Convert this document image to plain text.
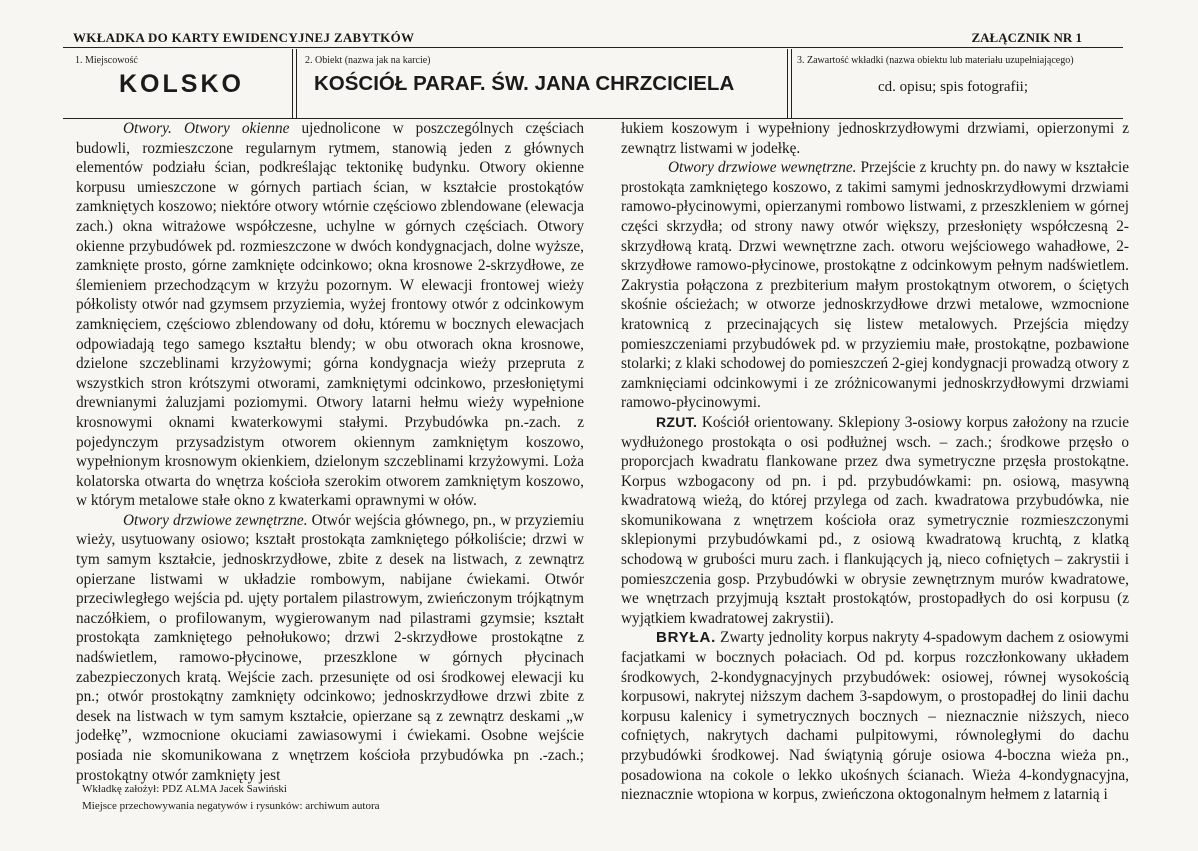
WKŁADKA DO KARTY EWIDENCYJNEJ ZABYTKÓW	ZAŁĄCZNIK NR 1
1. Miejscowość	2. Obiekt (nazwa jak na karcie)	3. Zawartość wkładki (nazwa obiektu lub materiału uzupełniającego)
KOLSKO	KOŚCIÓŁ PARAF. ŚW. JANA CHRZCICIELA	cd. opisu; spis fotografii;

Otwory. Otwory okienne ujednolicone w poszczególnych częściach budowli, rozmieszczone regularnym rytmem, stanowią jeden z głównych elementów podziału ścian, podkreślając tektonikę budynku. Otwory okienne korpusu umieszczone w górnych partiach ścian, w kształcie prostokątów zamkniętych koszowo; niektóre otwory wtórnie częściowo zblendowane (elewacja zach.) okna witrażowe współczesne, uchylne w górnych częściach. Otwory okienne przybudówek pd. rozmieszczone w dwóch kondygnacjach, dolne wyższe, zamknięte prosto, górne zamknięte odcinkowo; okna krosnowe 2-skrzydłowe, ze ślemieniem przechodzącym w krzyżu pozornym. W elewacji frontowej wieży półkolisty otwór nad gzymsem przyziemia, wyżej frontowy otwór z odcinkowym zamknięciem, częściowo zblendowany od dołu, któremu w bocznych elewacjach odpowiadają tego samego kształtu blendy; w obu otworach okna krosnowe, dzielone szczeblinami krzyżowymi; górna kondygnacja wieży przepruta z wszystkich stron krótszymi otworami, zamkniętymi odcinkowo, przesłoniętymi drewnianymi żaluzjami poziomymi. Otwory latarni hełmu wieży wypełnione krosnowymi oknami kwaterkowymi stałymi. Przybudówka pn.-zach. z pojedynczym przysadzistym otworem okiennym zamkniętym koszowo, wypełnionym krosnowym okienkiem, dzielonym szczeblinami krzyżowymi. Loża kolatorska otwarta do wnętrza kościoła szerokim otworem zamkniętym koszowo, w którym metalowe stałe okno z kwaterkami oprawnymi w ołów.

Otwory drzwiowe zewnętrzne. Otwór wejścia głównego, pn., w przyziemiu wieży, usytuowany osiowo; kształt prostokąta zamkniętego półkoliście; drzwi w tym samym kształcie, jednoskrzydłowe, zbite z desek na listwach, z zewnątrz opierzane listwami w układzie rombowym, nabijane ćwiekami. Otwór przeciwległego wejścia pd. ujęty portalem pilastrowym, zwieńczonym trójkątnym naczółkiem, o profilowanym, wygierowanym nad pilastrami gzymsie; kształt prostokąta zamkniętego pełnołukowo; drzwi 2-skrzydłowe prostokątne z nadświetlem, ramowo-płycinowe, przeszklone w górnych płycinach zabezpieczonych kratą. Wejście zach. przesunięte od osi środkowej elewacji ku pn.; otwór prostokątny zamknięty odcinkowo; jednoskrzydłowe drzwi zbite z desek na listwach w tym samym kształcie, opierzane są z zewnątrz deskami „w jodełkę”, wzmocnione okuciami zawiasowymi i ćwiekami. Osobne wejście posiada nie skomunikowana z wnętrzem kościoła przybudówka pn .-zach.; prostokątny otwór zamknięty jest

łukiem koszowym i wypełniony jednoskrzydłowymi drzwiami, opierzonymi z zewnątrz listwami w jodełkę.

Otwory drzwiowe wewnętrzne. Przejście z kruchty pn. do nawy w kształcie prostokąta zamkniętego koszowo, z takimi samymi jednoskrzydłowymi drzwiami ramowo-płycinowymi, opierzanymi rombowo listwami, z przeszkleniem w górnej części skrzydła; od strony nawy otwór większy, przesłonięty współczesną 2-skrzydłową kratą. Drzwi wewnętrzne zach. otworu wejściowego wahadłowe, 2-skrzydłowe ramowo-płycinowe, prostokątne z odcinkowym pełnym nadświetlem. Zakrystia połączona z prezbiterium małym prostokątnym otworem, o ściętych skośnie ościeżach; w otworze jednoskrzydłowe drzwi metalowe, wzmocnione kratownicą z przecinających się listew metalowych. Przejścia między pomieszczeniami przybudówek pd. w przyziemiu małe, prostokątne, pozbawione stolarki; z klaki schodowej do pomieszczeń 2-giej kondygnacji prowadzą otwory z zamknięciami odcinkowymi i ze zróżnicowanymi jednoskrzydłowymi drzwiami ramowo-płycinowymi.

RZUT. Kościół orientowany. Sklepiony 3-osiowy korpus założony na rzucie wydłużonego prostokąta o osi podłużnej wsch. – zach.; środkowe przęsło o proporcjach kwadratu flankowane przez dwa symetryczne przęsła prostokątne. Korpus wzbogacony od pn. i pd. przybudówkami: pn. osiową, masywną kwadratową wieżą, do której przylega od zach. kwadratowa przybudówka, nie skomunikowana z wnętrzem kościoła oraz symetrycznie rozmieszczonymi sklepionymi przybudówkami pd., z osiową kwadratową kruchtą, z klatką schodową w grubości muru zach. i flankujących ją, nieco cofniętych – zakrystii i pomieszczenia gosp. Przybudówki w obrysie zewnętrznym murów kwadratowe, we wnętrzach przyjmują kształt prostokątów, prostopadłych do osi korpusu (z wyjątkiem kwadratowej zakrystii).

BRYŁA. Zwarty jednolity korpus nakryty 4-spadowym dachem z osiowymi facjatkami w bocznych połaciach. Od pd. korpus rozczłonkowany układem środkowych, 2-kondygnacyjnych przybudówek: osiowej, równej wysokością korpusowi, nakrytej niższym dachem 3-sapdowym, o prostopadłej do linii dachu korpusu kalenicy i symetrycznych bocznych – nieznacznie niższych, nieco cofniętych, nakrytych dachami pulpitowymi, równoległymi do dachu przybudówki środkowej. Nad świątynią góruje osiowa 4-boczna wieża pn., posadowiona na cokole o lekko ukośnych ścianach. Wieża 4-kondygnacyjna, nieznacznie wtopiona w korpus, zwieńczona oktogonalnym hełmem z latarnią i

Wkładkę założył: PDZ ALMA Jacek Sawiński
Miejsce przechowywania negatywów i rysunków: archiwum autora
